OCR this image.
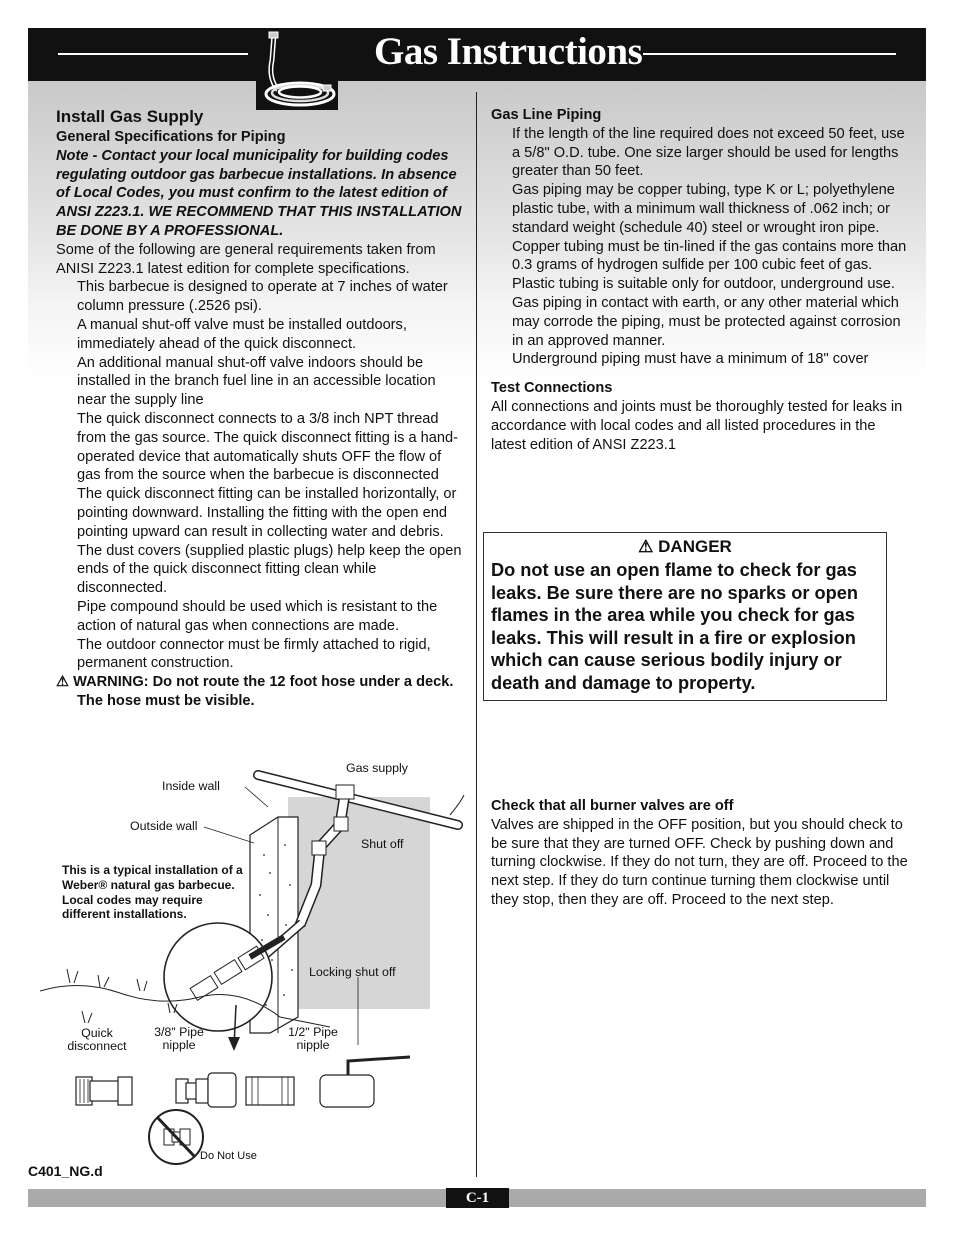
Gas Instructions
Install Gas Supply
General Specifications for Piping

Note - Contact your local municipality for building codes regulating outdoor gas barbecue installations. In absence of Local Codes, you must confirm to the latest edition of ANSI Z223.1. WE RECOMMEND THAT THIS INSTALLATION BE DONE BY A PROFESSIONAL.

Some of the following are general requirements taken from ANISI Z223.1 latest edition for complete specifications.

This barbecue is designed to operate at 7 inches of water column pressure (.2526 psi).

A manual shut-off valve must be installed outdoors, immediately ahead of the quick disconnect.

An additional manual shut-off valve indoors should be installed in the branch fuel line in an accessible location near the supply line

The quick disconnect connects to a 3/8 inch NPT thread from the gas source. The quick disconnect fitting is a hand-operated device that automatically shuts OFF the flow of gas from the source when the barbecue is disconnected

The quick disconnect fitting can be installed horizontally, or pointing downward. Installing the fitting with the open end pointing upward can result in collecting water and debris.

The dust covers (supplied plastic plugs) help keep the open ends of the quick disconnect fitting clean while disconnected.

Pipe compound should be used which is resistant to the action of natural gas when connections are made.

The outdoor connector must be firmly attached to rigid, permanent construction.

⚠ WARNING: Do not route the 12 foot hose under a deck. The hose must be visible.

Gas supply
Inside wall
Outside wall
Shut off
This is a typical installation of a Weber® natural gas barbecue. Local codes may require different installations.
Locking shut off
Quick disconnect
3/8" Pipe nipple
1/2" Pipe nipple
Do Not Use
C401_NG.d
Gas Line Piping

If the length of the line required does not exceed 50 feet, use a 5/8" O.D. tube. One size larger should be used for lengths greater than 50 feet.

Gas piping may be copper tubing, type K or L; polyethylene plastic tube, with a minimum wall thickness of .062 inch; or standard weight (schedule 40) steel or wrought iron pipe.

Copper tubing must be tin-lined if the gas contains more than 0.3 grams of hydrogen sulfide per 100 cubic feet of gas.

Plastic tubing is suitable only for outdoor, underground use.

Gas piping in contact with earth, or any other material which may corrode the piping, must be protected against corrosion in an approved manner.

Underground piping must have a minimum of 18" cover

Test Connections

All connections and joints must be thoroughly tested for leaks in accordance with local codes and all listed procedures in the latest edition of ANSI Z223.1

⚠ DANGER
Do not use an open flame to check for gas leaks. Be sure there are no sparks or open flames in the area while you check for gas leaks. This will result in a fire or explosion which can cause serious bodily injury or death and damage to property.
Check that all burner valves are off

Valves are shipped in the OFF position, but you should check to be sure that they are turned OFF. Check by pushing down and turning clockwise. If they do not turn, they are off. Proceed to the next step. If they do turn continue turning them clockwise until they stop, then they are off. Proceed to the next step.

C-1
